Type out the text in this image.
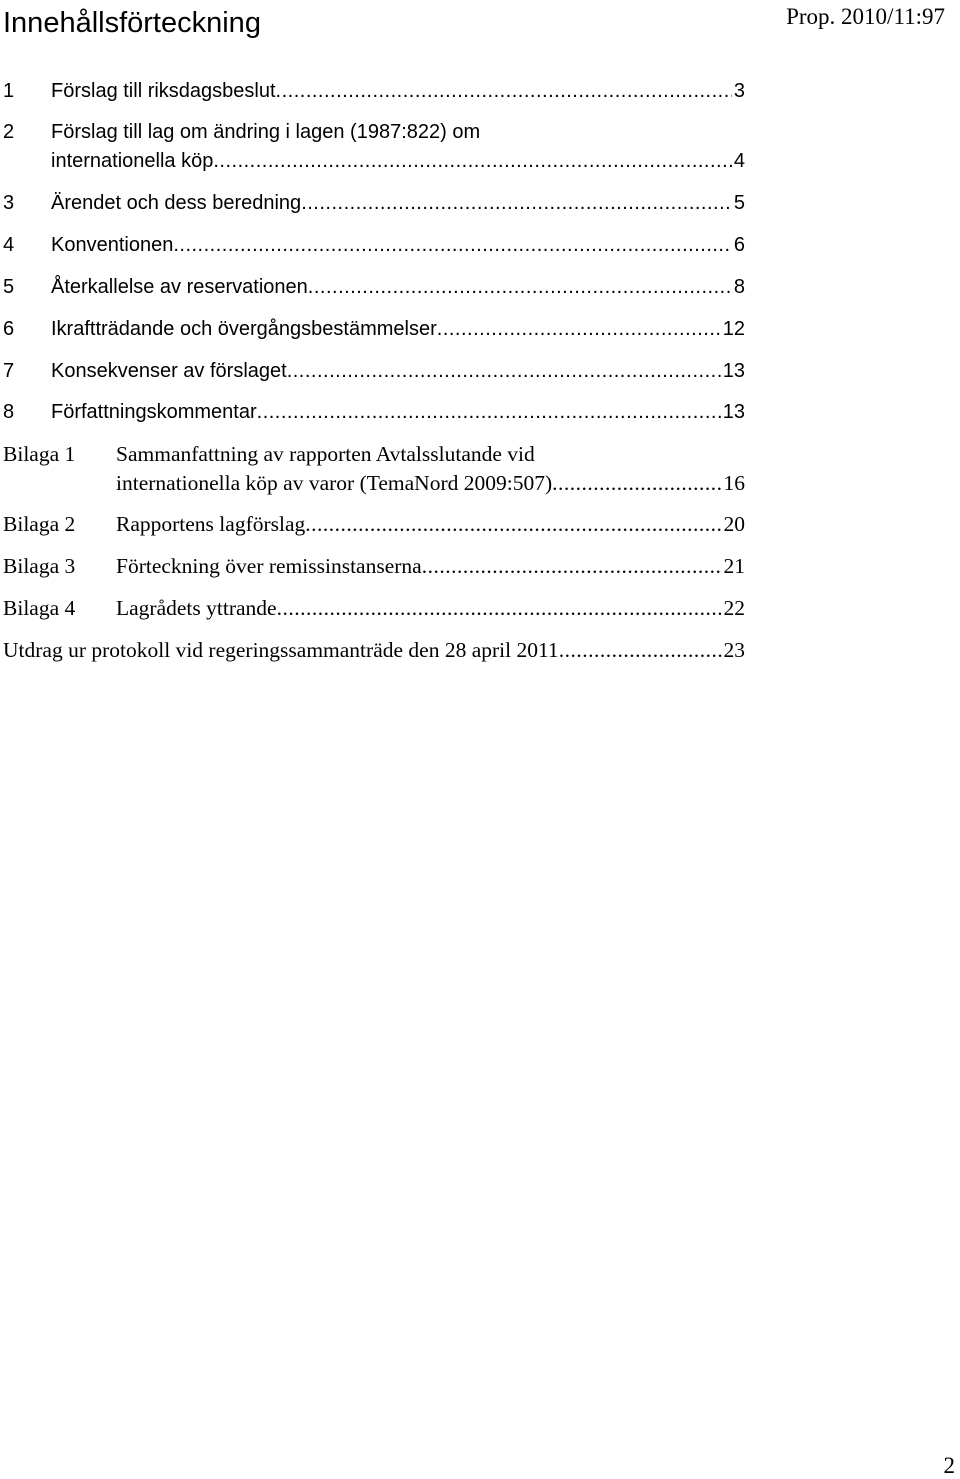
Innehållsförteckning	Prop. 2010/11:97
1	Förslag till riksdagsbeslut .....	3
2 Förslag till lag om ändring i lagen (1987:822) om
internationella köp .....	4
3	Ärendet och dess beredning .....	5
4	Konventionen .....	6
5	Återkallelse av reservationen .....	8
6	Ikraftträdande och övergångsbestämmelser .....	12
7	Konsekvenser av förslaget .....	13
8	Författningskommentar .....	13
Bilaga 1 Sammanfattning av rapporten Avtalsslutande vid
internationella köp av varor (TemaNord 2009:507) .....	16
Bilaga 2	Rapportens lagförslag .....	20
Bilaga 3	Förteckning över remissinstanserna .....	21
Bilaga 4	Lagrådets yttrande .....	22
Utdrag ur protokoll vid regeringssammanträde den 28 april 2011 .....	23
2
